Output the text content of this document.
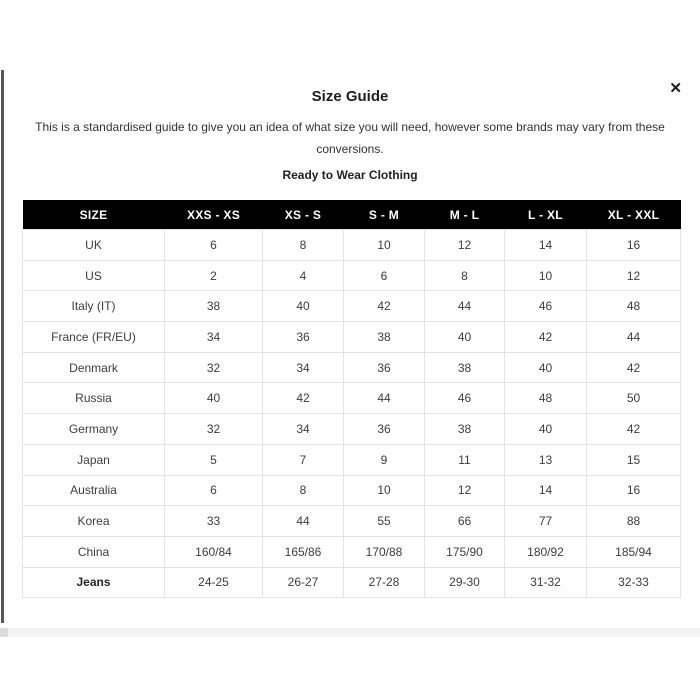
✕
Size Guide

This is a standardised guide to give you an idea of what size you will need, however some brands may vary from these conversions.

Ready to Wear Clothing
SIZE	XXS - XS	XS - S	S - M	M - L	L - XL	XL - XXL
UK	6	8	10	12	14	16
US	2	4	6	8	10	12
Italy (IT)	38	40	42	44	46	48
France (FR/EU)	34	36	38	40	42	44
Denmark	32	34	36	38	40	42
Russia	40	42	44	46	48	50
Germany	32	34	36	38	40	42
Japan	5	7	9	11	13	15
Australia	6	8	10	12	14	16
Korea	33	44	55	66	77	88
China	160/84	165/86	170/88	175/90	180/92	185/94
Jeans	24-25	26-27	27-28	29-30	31-32	32-33
